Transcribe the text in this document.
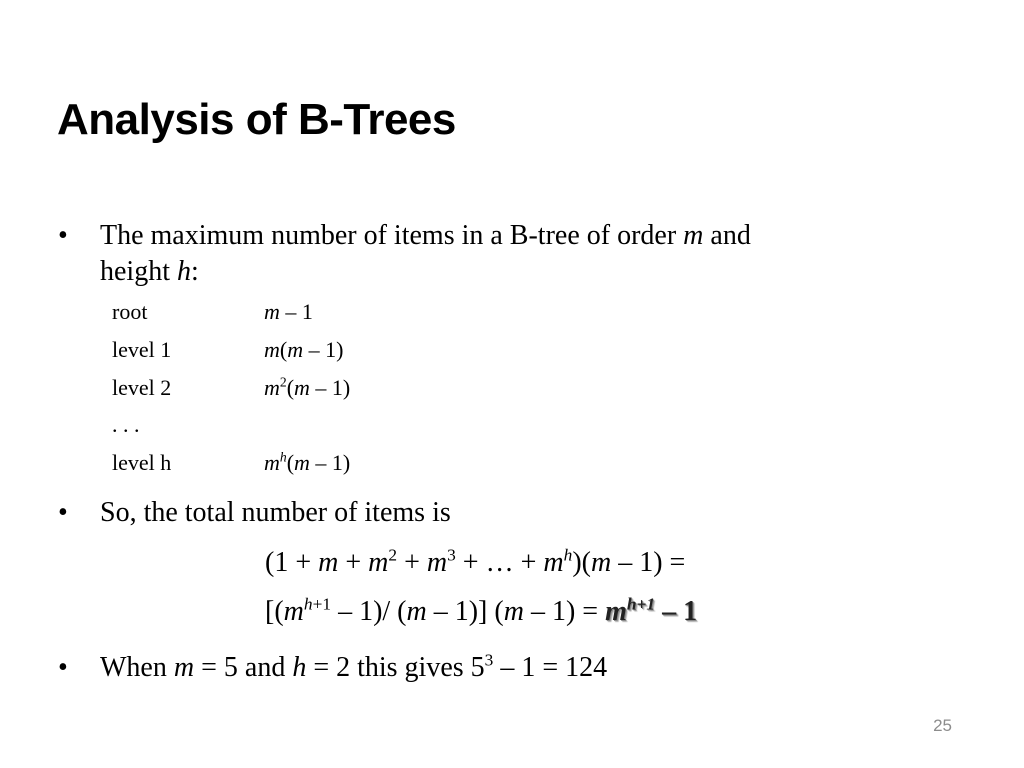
Analysis of B-Trees
• The maximum number of items in a B-tree of order m and
height h:
root	m – 1
level 1	m(m – 1)
level 2	$m^2(m - 1)$
. . .
level h	$m^h(m - 1)$
• So, the total number of items is
($1 + m + m^2 + m^3$ + … + $m^h)(m - 1)$ =
[$(m^{h+1} - 1)/$ (m – 1)] $(m - 1) = m^{h+1} - 1$
• When m = 5 and h = 2 this gives $5^3 - 1 = 124$
25
